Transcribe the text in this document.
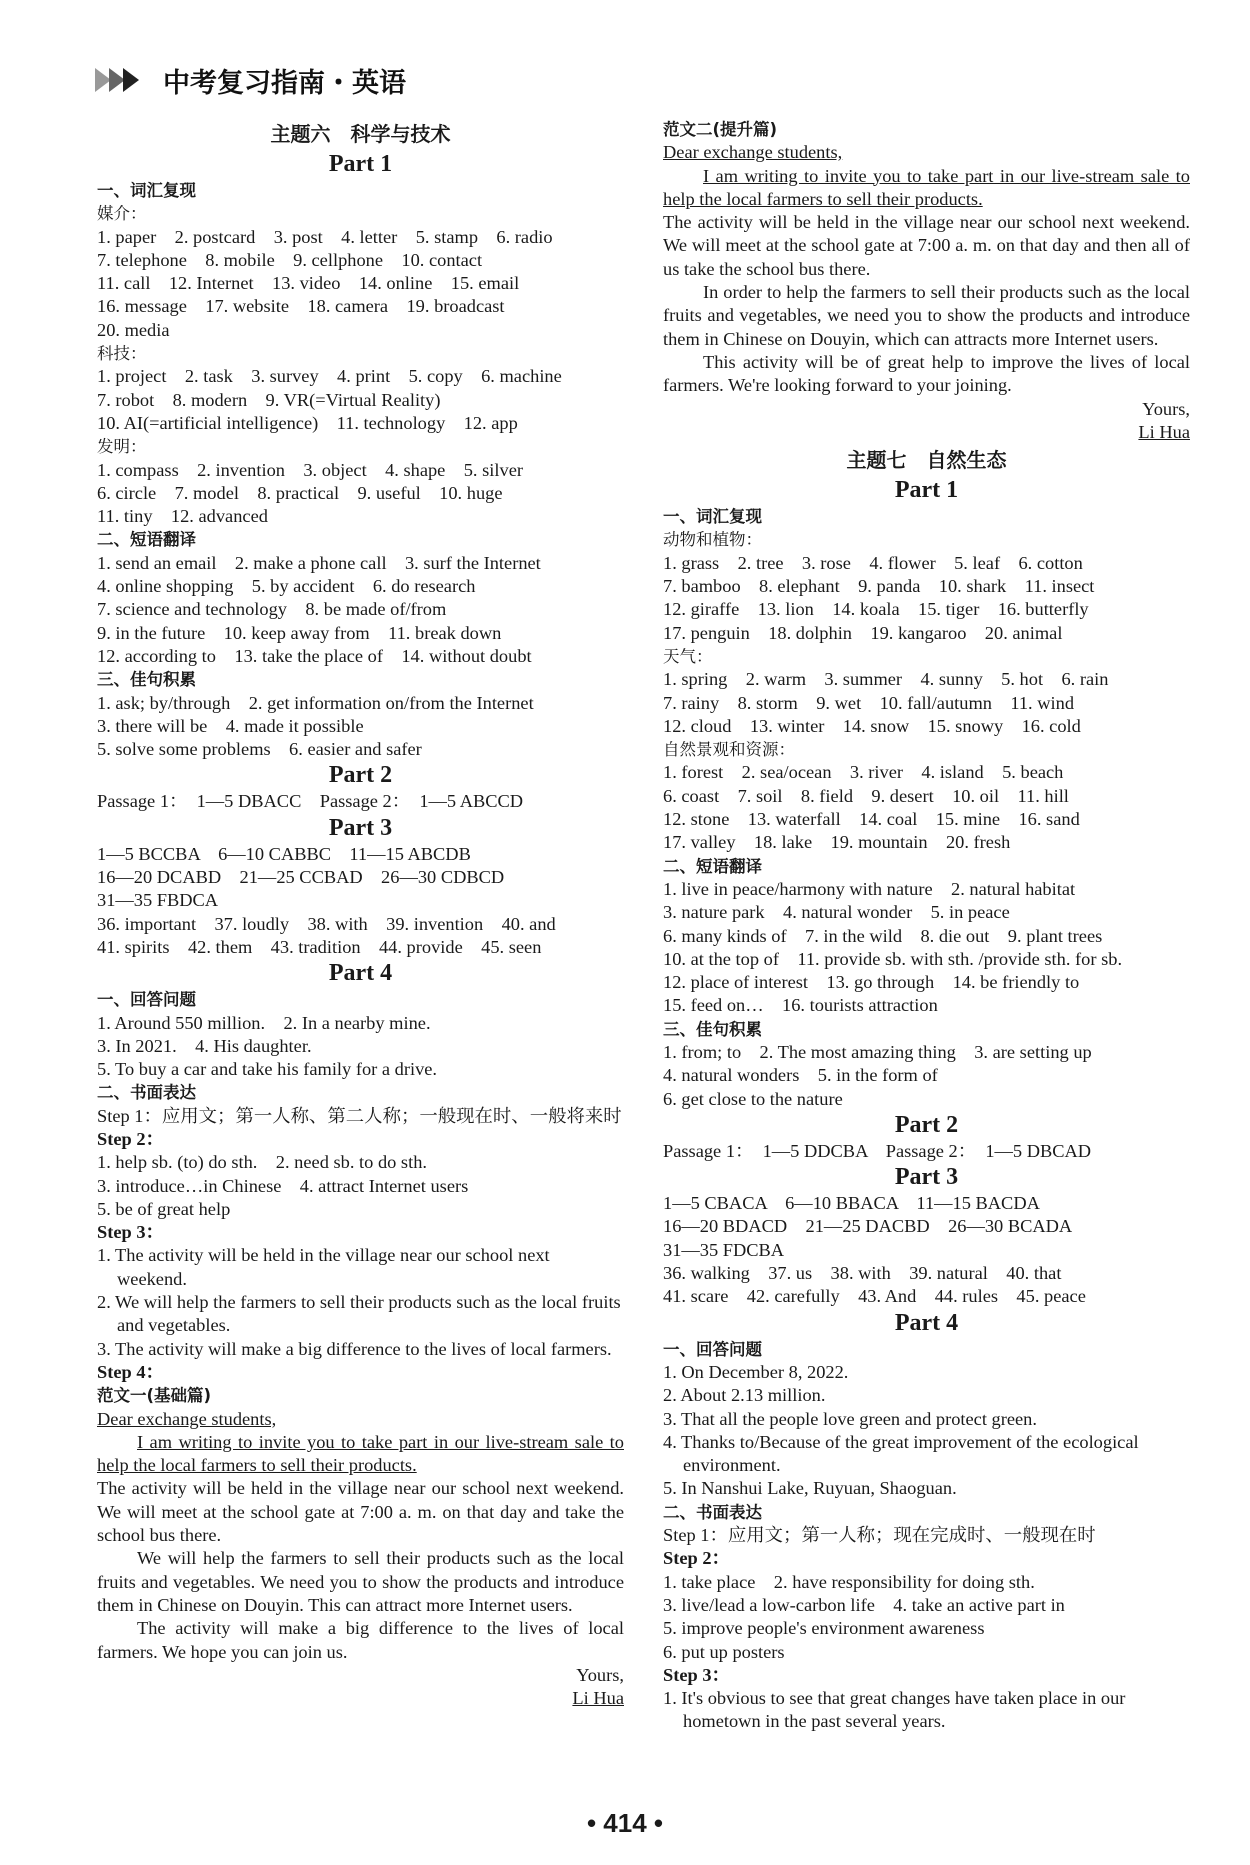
中考复习指南・英语

主题六　科学与技术

Part 1

一、词汇复现

媒介：

1. paper　2. postcard　3. post　4. letter　5. stamp　6. radio

7. telephone　8. mobile　9. cellphone　10. contact

11. call　12. Internet　13. video　14. online　15. email

16. message　17. website　18. camera　19. broadcast

20. media

科技：

1. project　2. task　3. survey　4. print　5. copy　6. machine

7. robot　8. modern　9. VR(=Virtual Reality)

10. AI(=artificial intelligence)　11. technology　12. app

发明：

1. compass　2. invention　3. object　4. shape　5. silver

6. circle　7. model　8. practical　9. useful　10. huge

11. tiny　12. advanced

二、短语翻译

1. send an email　2. make a phone call　3. surf the Internet

4. online shopping　5. by accident　6. do research

7. science and technology　8. be made of/from

9. in the future　10. keep away from　11. break down

12. according to　13. take the place of　14. without doubt

三、佳句积累

1. ask; by/through　2. get information on/from the Internet

3. there will be　4. made it possible

5. solve some problems　6. easier and safer

Part 2

Passage 1：　1—5 DBACC　Passage 2：　1—5 ABCCD

Part 3

1—5 BCCBA　6—10 CABBC　11—15 ABCDB

16—20 DCABD　21—25 CCBAD　26—30 CDBCD

31—35 FBDCA

36. important　37. loudly　38. with　39. invention　40. and

41. spirits　42. them　43. tradition　44. provide　45. seen

Part 4

一、回答问题

1. Around 550 million.　2. In a nearby mine.

3. In 2021.　4. His daughter.

5. To buy a car and take his family for a drive.

二、书面表达

Step 1：应用文；第一人称、第二人称；一般现在时、一般将来时

Step 2：

1. help sb. (to) do sth.　2. need sb. to do sth.

3. introduce…in Chinese　4. attract Internet users

5. be of great help

Step 3：

1. The activity will be held in the village near our school next weekend.

2. We will help the farmers to sell their products such as the local fruits and vegetables.

3. The activity will make a big difference to the lives of local farmers.

Step 4：

范文一(基础篇)

Dear exchange students,

I am writing to invite you to take part in our live-stream sale to help the local farmers to sell their products.

The activity will be held in the village near our school next weekend. We will meet at the school gate at 7:00 a. m. on that day and take the school bus there.

We will help the farmers to sell their products such as the local fruits and vegetables. We need you to show the products and introduce them in Chinese on Douyin. This can attract more Internet users.

The activity will make a big difference to the lives of local farmers. We hope you can join us.

Yours,

Li Hua

范文二(提升篇)

Dear exchange students,

I am writing to invite you to take part in our live-stream sale to help the local farmers to sell their products.

The activity will be held in the village near our school next weekend. We will meet at the school gate at 7:00 a. m. on that day and then all of us take the school bus there.

In order to help the farmers to sell their products such as the local fruits and vegetables, we need you to show the products and introduce them in Chinese on Douyin, which can attracts more Internet users.

This activity will be of great help to improve the lives of local farmers. We're looking forward to your joining.

Yours,

Li Hua

主题七　自然生态

Part 1

一、词汇复现

动物和植物：

1. grass　2. tree　3. rose　4. flower　5. leaf　6. cotton

7. bamboo　8. elephant　9. panda　10. shark　11. insect

12. giraffe　13. lion　14. koala　15. tiger　16. butterfly

17. penguin　18. dolphin　19. kangaroo　20. animal

天气：

1. spring　2. warm　3. summer　4. sunny　5. hot　6. rain

7. rainy　8. storm　9. wet　10. fall/autumn　11. wind

12. cloud　13. winter　14. snow　15. snowy　16. cold

自然景观和资源：

1. forest　2. sea/ocean　3. river　4. island　5. beach

6. coast　7. soil　8. field　9. desert　10. oil　11. hill

12. stone　13. waterfall　14. coal　15. mine　16. sand

17. valley　18. lake　19. mountain　20. fresh

二、短语翻译

1. live in peace/harmony with nature　2. natural habitat

3. nature park　4. natural wonder　5. in peace

6. many kinds of　7. in the wild　8. die out　9. plant trees

10. at the top of　11. provide sb. with sth. /provide sth. for sb.

12. place of interest　13. go through　14. be friendly to

15. feed on…　16. tourists attraction

三、佳句积累

1. from; to　2. The most amazing thing　3. are setting up

4. natural wonders　5. in the form of

6. get close to the nature

Part 2

Passage 1：　1—5 DDCBA　Passage 2：　1—5 DBCAD

Part 3

1—5 CBACA　6—10 BBACA　11—15 BACDA

16—20 BDACD　21—25 DACBD　26—30 BCADA

31—35 FDCBA

36. walking　37. us　38. with　39. natural　40. that

41. scare　42. carefully　43. And　44. rules　45. peace

Part 4

一、回答问题

1. On December 8, 2022.

2. About 2.13 million.

3. That all the people love green and protect green.

4. Thanks to/Because of the great improvement of the ecological environment.

5. In Nanshui Lake, Ruyuan, Shaoguan.

二、书面表达

Step 1：应用文；第一人称；现在完成时、一般现在时

Step 2：

1. take place　2. have responsibility for doing sth.

3. live/lead a low-carbon life　4. take an active part in

5. improve people's environment awareness

6. put up posters

Step 3：

1. It's obvious to see that great changes have taken place in our hometown in the past several years.

• 414 •
